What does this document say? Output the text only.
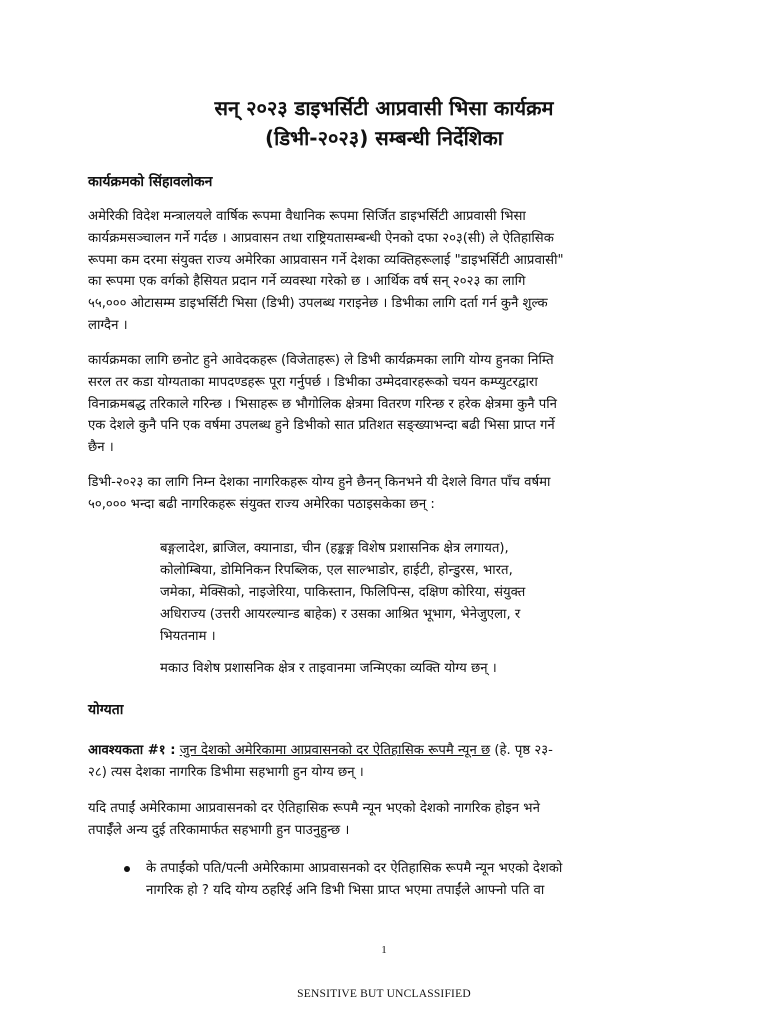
सन् २०२३ डाइभर्सिटी आप्रवासी भिसा कार्यक्रम
(डिभी-२०२३) सम्बन्धी निर्देशिका
कार्यक्रमको सिंहावलोकन
अमेरिकी विदेश मन्त्रालयले वार्षिक रूपमा वैधानिक रूपमा सिर्जित डाइभर्सिटी आप्रवासी भिसा
कार्यक्रमसञ्चालन गर्ने गर्दछ । आप्रवासन तथा राष्ट्रियतासम्बन्धी ऐनको दफा २०३(सी) ले ऐतिहासिक
रूपमा कम दरमा संयुक्त राज्य अमेरिका आप्रवासन गर्ने देशका व्यक्तिहरूलाई "डाइभर्सिटी आप्रवासी"
का रूपमा एक वर्गको हैसियत प्रदान गर्ने व्यवस्था गरेको छ । आर्थिक वर्ष सन् २०२३ का लागि
५५,००० ओटासम्म डाइभर्सिटी भिसा (डिभी) उपलब्ध गराइनेछ । डिभीका लागि दर्ता गर्न कुनै शुल्क
लाग्दैन ।
कार्यक्रमका लागि छनोट हुने आवेदकहरू (विजेताहरू) ले डिभी कार्यक्रमका लागि योग्य हुनका निम्ति
सरल तर कडा योग्यताका मापदण्डहरू पूरा गर्नुपर्छ । डिभीका उम्मेदवारहरूको चयन कम्प्युटरद्वारा
विनाक्रमबद्ध तरिकाले गरिन्छ । भिसाहरू छ भौगोलिक क्षेत्रमा वितरण गरिन्छ र हरेक क्षेत्रमा कुनै पनि
एक देशले कुनै पनि एक वर्षमा उपलब्ध हुने डिभीको सात प्रतिशत सङ्ख्याभन्दा बढी भिसा प्राप्त गर्ने
छैन ।
डिभी-२०२३ का लागि निम्न देशका नागरिकहरू योग्य हुने छैनन् किनभने यी देशले विगत पाँच वर्षमा
५०,००० भन्दा बढी नागरिकहरू संयुक्त राज्य अमेरिका पठाइसकेका छन् :
बङ्गलादेश, ब्राजिल, क्यानाडा, चीन (हङ्कङ्ग विशेष प्रशासनिक क्षेत्र लगायत),
कोलोम्बिया, डोमिनिकन रिपब्लिक, एल साल्भाडोर, हाईटी, होन्डुरस, भारत,
जमेका, मेक्सिको, नाइजेरिया, पाकिस्तान, फिलिपिन्स, दक्षिण कोरिया, संयुक्त
अधिराज्य (उत्तरी आयरल्यान्ड बाहेक) र उसका आश्रित भूभाग, भेनेजुएला, र
भियतनाम ।
मकाउ विशेष प्रशासनिक क्षेत्र र ताइवानमा जन्मिएका व्यक्ति योग्य छन् ।
योग्यता
आवश्यकता #१ : जुन देशको अमेरिकामा आप्रवासनको दर ऐतिहासिक रूपमै न्यून छ (हे. पृष्ठ २३-
२८) त्यस देशका नागरिक डिभीमा सहभागी हुन योग्य छन् ।
यदि तपाईं अमेरिकामा आप्रवासनको दर ऐतिहासिक रूपमै न्यून भएको देशको नागरिक होइन भने
तपाईँले अन्य दुई तरिकामार्फत सहभागी हुन पाउनुहुन्छ ।
के तपाईंको पति/पत्नी अमेरिकामा आप्रवासनको दर ऐतिहासिक रूपमै न्यून भएको देशको
नागरिक हो ? यदि योग्य ठहरिई अनि डिभी भिसा प्राप्त भएमा तपाईंले आफ्नो पति वा
1
SENSITIVE BUT UNCLASSIFIED
